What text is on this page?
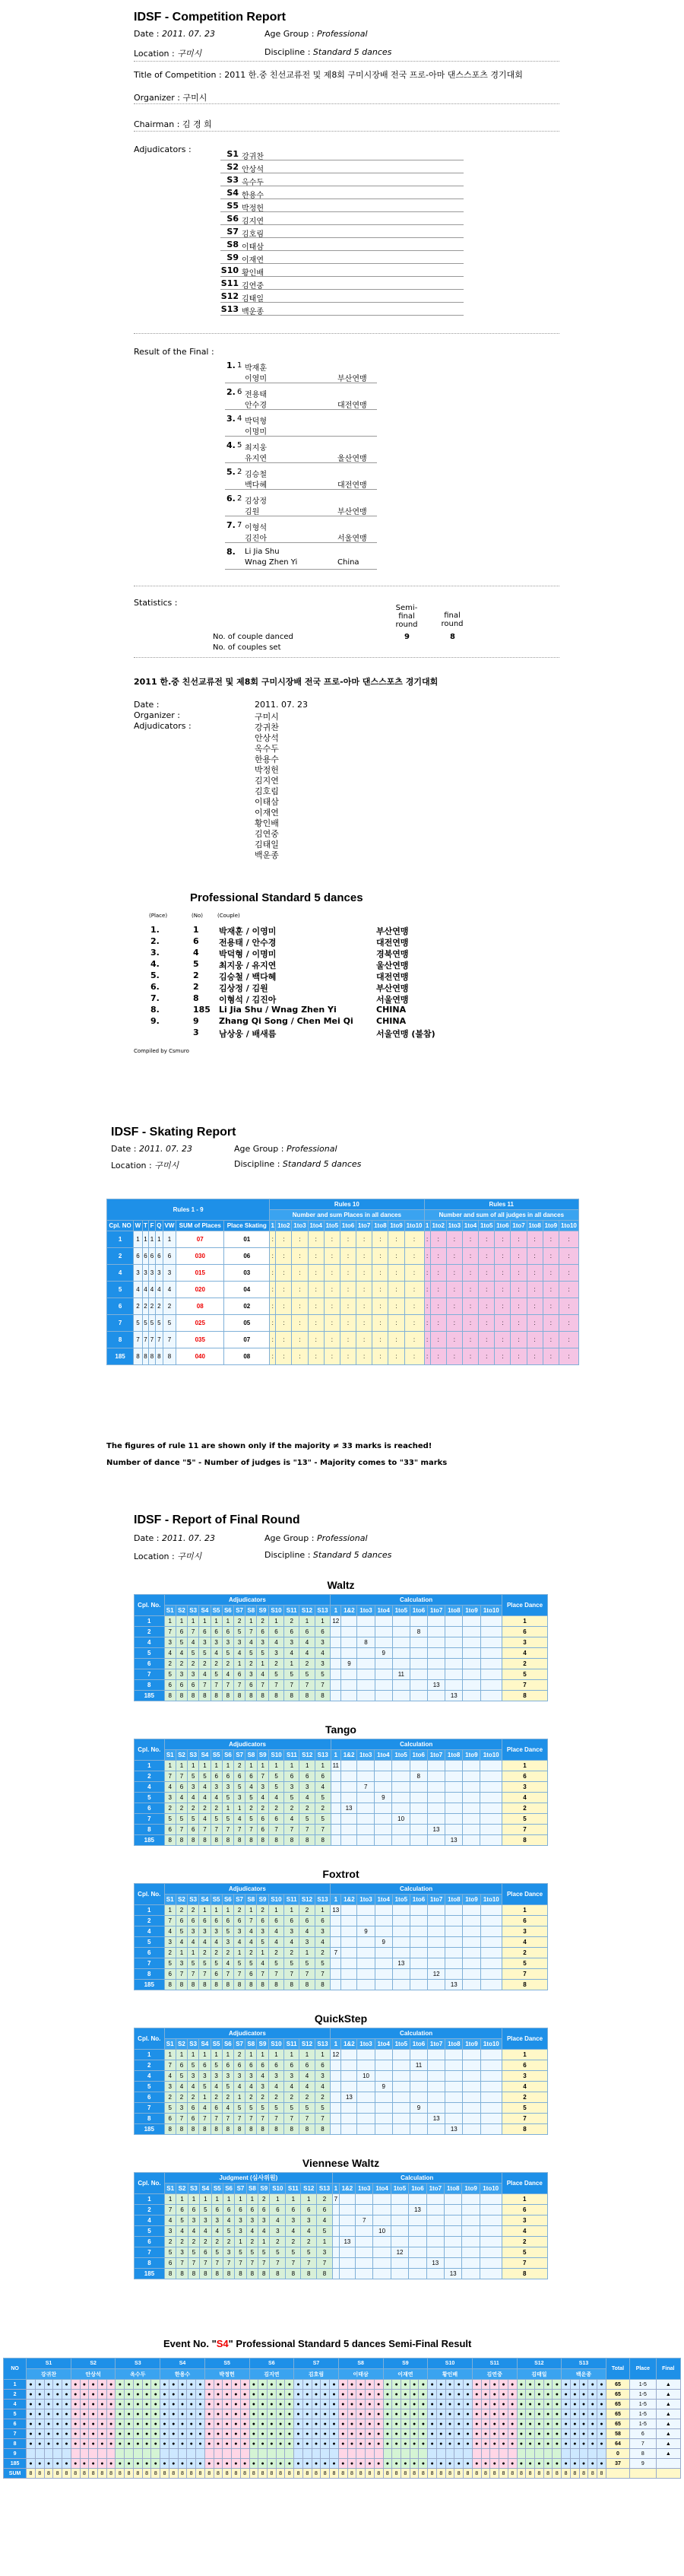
IDSF - Competition Report
Date : 2011. 07. 23	Age Group : Professional
Location : 구미시	Discipline : Standard 5 dances
Title of Competition : 2011 한.중 친선교류전 및 제8회 구미시장배 전국 프로-아마 댄스스포츠 경기대회
Organizer : 구미시
Chairman : 김 경 희
Adjudicators :	S1 강귀찬
S2 안상석
S3 옥수두
S4 한용수
S5 박정헌
S6 김지연
S7 김호림
S8 이태삼
S9 이재연
S10 황인배
S11 김연중
S12 김태일
S13 백운종
Result of the Final :
1. 1 박재훈
이영미	부산연맹
2. 6 전용태
안수경	대전연맹
3. 4 박덕형
이명미
4. 5 최지웅
유지연	울산연맹
5. 2 김승철
백다혜	대전연맹
6. 2 김상정
김원	부산연맹
7. 7 이형석
김진아	서울연맹
8. Li Jia Shu
Wnag Zhen Yi	China
Statistics :
Semi-final round
final round
No. of couple danced	9	8
No. of couples set
2011 한.중 친선교류전 및 제8회 구미시장배 전국 프로-아마 댄스스포츠 경기대회
Date :	2011. 07. 23
Organizer :	구미시
Adjudicators :	강귀찬
안상석
옥수두
한용수
박정헌
김지연
김호림
이태삼
이재연
황인배
김연중
김태일
백운종
Professional Standard 5 dances
(Place)	(No)	(Couple)
1.	1 박재훈 / 이영미	부산연맹
2.	6 전용태 / 안수경	대전연맹
3.	4 박덕형 / 이명미	경북연맹
4.	5 최지웅 / 유지연	울산연맹
5.	2 김승철 / 백다혜	대전연맹
6.	2 김상정 / 김원	부산연맹
7.	8 이형석 / 김진아	서울연맹
8.	185 Li Jia Shu / Wnag Zhen Yi	CHINA
9.	9 Zhang Qi Song / Chen Mei Qi	CHINA
3 남상웅 / 배새름	서울연맹 (불참)
Compiled by Csmuro
IDSF - Skating Report
Date : 2011. 07. 23	Age Group : Professional
Location : 구미시	Discipline : Standard 5 dances
Rules 1 - 9								Rules 10										Rules 11									
								Number and sum Places in all dances										Number and sum of all judges in all dances									
Cpl. NO	W	T	F	Q	VW	SUM of Places	Place Skating	1	1to2	1to3	1to4	1to5	1to6	1to7	1to8	1to9	1to10	1	1to2	1to3	1to4	1to5	1to6	1to7	1to8	1to9	1to10
1	1	1	1	1	1	07	01	:	:	:	:	:	:	:	:	:	:	:	:	:	:	:	:	:	:	:	:
2	6	6	6	6	6	030	06	:	:	:	:	:	:	:	:	:	:	:	:	:	:	:	:	:	:	:	:
4	3	3	3	3	3	015	03	:	:	:	:	:	:	:	:	:	:	:	:	:	:	:	:	:	:	:	:
5	4	4	4	4	4	020	04	:	:	:	:	:	:	:	:	:	:	:	:	:	:	:	:	:	:	:	:
6	2	2	2	2	2	08	02	:	:	:	:	:	:	:	:	:	:	:	:	:	:	:	:	:	:	:	:
7	5	5	5	5	5	025	05	:	:	:	:	:	:	:	:	:	:	:	:	:	:	:	:	:	:	:	:
8	7	7	7	7	7	035	07	:	:	:	:	:	:	:	:	:	:	:	:	:	:	:	:	:	:	:	:
185	8	8	8	8	8	040	08	:	:	:	:	:	:	:	:	:	:	:	:	:	:	:	:	:	:	:	:
The figures of rule 11 are shown only if the majority ≠ 33 marks is reached!
Number of dance "5" - Number of judges is "13" - Majority comes to "33" marks
IDSF - Report of Final Round
Date : 2011. 07. 23	Age Group : Professional
Location : 구미시	Discipline : Standard 5 dances
Waltz
Cpl. No.	Adjudicators													Calculation										Place Dance
	S1	S2	S3	S4	S5	S6	S7	S8	S9	S10	S11	S12	S13	1	1&2	1to3	1to4	1to5	1to6	1to7	1to8	1to9	1to10	
1	1	1	1	1	1	1	2	1	2	1	2	1	1	12										1
2	7	6	7	6	6	6	5	7	6	6	6	6	6						8					6
4	3	5	4	3	3	3	3	4	3	4	3	4	3			8								3
5	4	4	5	5	4	5	4	5	5	3	4	4	4				9							4
6	2	2	2	2	2	2	1	2	1	2	1	2	3		9									2
7	5	3	3	4	5	4	6	3	4	5	5	5	5					11						5
8	6	6	6	7	7	7	7	6	7	7	7	7	7							13				7
185	8	8	8	8	8	8	8	8	8	8	8	8	8								13			8
Tango
Cpl. No.	Adjudicators													Calculation										Place Dance
	S1	S2	S3	S4	S5	S6	S7	S8	S9	S10	S11	S12	S13	1	1&2	1to3	1to4	1to5	1to6	1to7	1to8	1to9	1to10	
1	1	1	1	1	1	1	2	1	1	1	1	1	1	11										1
2	7	7	5	5	6	6	6	6	7	5	6	6	6						8					6
4	4	6	3	4	3	3	5	4	3	5	3	3	4			7								3
5	3	4	4	4	4	5	3	5	4	4	5	4	5				9							4
6	2	2	2	2	2	1	1	2	2	2	2	2	2		13									2
7	5	5	5	4	5	5	4	5	6	6	4	5	5					10						5
8	6	7	6	7	7	7	7	7	6	7	7	7	7							13				7
185	8	8	8	8	8	8	8	8	8	8	8	8	8								13			8
Foxtrot
Cpl. No.	Adjudicators													Calculation										Place Dance
	S1	S2	S3	S4	S5	S6	S7	S8	S9	S10	S11	S12	S13	1	1&2	1to3	1to4	1to5	1to6	1to7	1to8	1to9	1to10	
1	1	2	2	1	1	1	2	1	2	1	1	2	1	13										1
2	7	6	6	6	6	6	6	7	6	6	6	6	6											6
4	4	5	3	3	3	5	3	4	3	4	3	4	3			9								3
5	3	4	4	4	4	3	4	4	5	4	4	3	4				9							4
6	2	1	1	2	2	2	1	2	1	2	2	1	2	7										2
7	5	3	5	5	5	4	5	5	4	5	5	5	5					13						5
8	6	7	7	7	6	7	7	6	7	7	7	7	7							12				7
185	8	8	8	8	8	8	8	8	8	8	8	8	8								13			8
QuickStep
Cpl. No.	Adjudicators													Calculation										Place Dance
	S1	S2	S3	S4	S5	S6	S7	S8	S9	S10	S11	S12	S13	1	1&2	1to3	1to4	1to5	1to6	1to7	1to8	1to9	1to10	
1	1	1	1	1	1	1	2	1	1	1	1	1	1	12										1
2	7	6	5	6	5	6	6	6	6	6	6	6	6						11					6
4	4	5	3	3	3	3	3	3	4	3	3	4	3			10								3
5	3	4	4	5	4	5	4	4	3	4	4	4	4				9							4
6	2	2	2	1	2	2	1	2	2	2	2	2	2		13									2
7	5	3	6	4	6	4	5	5	5	5	5	5	5						9					5
8	6	7	6	7	7	7	7	7	7	7	7	7	7							13				7
185	8	8	8	8	8	8	8	8	8	8	8	8	8								13			8
Viennese Waltz
Cpl. No.	Judgment (심사위원)													Calculation										Place Dance
	S1	S2	S3	S4	S5	S6	S7	S8	S9	S10	S11	S12	S13	1	1&2	1to3	1to4	1to5	1to6	1to7	1to8	1to9	1to10	
1	1	1	1	1	1	1	1	1	2	1	1	1	2	7										1
2	7	6	6	5	6	6	6	6	6	6	6	6	6						13					6
4	4	5	3	3	3	4	3	3	3	4	3	3	4			7								3
5	3	4	4	4	4	5	3	4	4	3	4	4	5				10							4
6	2	2	2	2	2	2	1	2	1	2	2	2	1		13									2
7	5	3	5	6	5	3	5	5	5	5	5	5	3					12						5
8	6	7	7	7	7	7	7	7	7	7	7	7	7							13				7
185	8	8	8	8	8	8	8	8	8	8	8	8	8								13			8
Event No. "S4" Professional Standard 5 dances Semi-Final Result
NO	S1	S2	S3	S4	S5	S6	S7	S8	S9	S10	S11	S12	S13	Total	Place	Final
강귀찬	안상석	옥수두	한용수	박정헌	김지연	김호림	이태삼	이재연	황인배	김연중	김태일	백운종
1	●	●	●	●	●	●	●	●	●	●	●	●	●	●	●	●	●	●	●	●	●	●	●	●	●	●	●	●	●	●	●	●	●	●	●	●	●	●	●	●	●	●	●	●	●	●	●	●	●	●	●	●	●	●	●	●	●	●	●	●	●	●	●	●	●	65	1-5	▲
2	●	●	●	●	●	●	●	●	●	●	●	●	●	●	●	●	●	●	●	●	●	●	●	●	●	●	●	●	●	●	●	●	●	●	●	●	●	●	●	●	●	●	●	●	●	●	●	●	●	●	●	●	●	●	●	●	●	●	●	●	●	●	●	●	●	65	1-5	▲
4	●	●	●	●	●	●	●	●	●	●	●	●	●	●	●	●	●	●	●	●	●	●	●	●	●	●	●	●	●	●	●	●	●	●	●	●	●	●	●	●	●	●	●	●	●	●	●	●	●	●	●	●	●	●	●	●	●	●	●	●	●	●	●	●	●	65	1-5	▲
5	●	●	●	●	●	●	●	●	●	●	●	●	●	●	●	●	●	●	●	●	●	●	●	●	●	●	●	●	●	●	●	●	●	●	●	●	●	●	●	●	●	●	●	●	●	●	●	●	●	●	●	●	●	●	●	●	●	●	●	●	●	●	●	●	●	65	1-5	▲
6	●	●	●	●	●	●	●	●	●	●	●	●	●	●	●	●	●	●	●	●	●	●	●	●	●	●	●	●	●	●	●	●	●	●	●	●	●	●	●	●	●	●	●	●	●	●	●	●	●	●	●	●	●	●	●	●	●	●	●	●	●	●	●	●	●	65	1-5	▲
7	●	●	●	●	●	●	●	●	●	●	●	●	●	●	●	●	●	●	●	●	●	●	●	●	●	●	●	●	●	●	●	●	●	●	●	●	●	●	●	●	●	●	●	●	●	●	●	●	●	●	●	●	●	●	●	●	●	●	●	●	●	●	●	●	●	58	6	▲
8	●	●	●	●	●	●	●	●	●	●	●	●	●	●	●	●	●	●	●	●	●	●	●	●	●	●	●	●	●	●	●	●	●	●	●	●	●	●	●	●	●	●	●	●	●	●	●	●	●	●	●	●	●	●	●	●	●	●	●	●	●	●	●	●	●	64	7	▲
9																																																																		0	8	▲
185	●	●	●	●	●	●	●	●	●	●	●	●	●	●	●	●	●	●	●	●	●	●	●	●	●	●	●	●	●	●	●	●	●	●	●	●	●	●	●	●	●	●	●	●	●	●	●	●	●	●	●	●	●	●	●	●	●	●	●	●	●	●	●	●	●	37	9	
SUM	8	8	8	8	8	8	8	8	8	8	8	8	8	8	8	8	8	8	8	8	8	8	8	8	8	8	8	8	8	8	8	8	8	8	8	8	8	8	8	8	8	8	8	8	8	8	8	8	8	8	8	8	8	8	8	8	8	8	8	8	8	8	8	8	8			
